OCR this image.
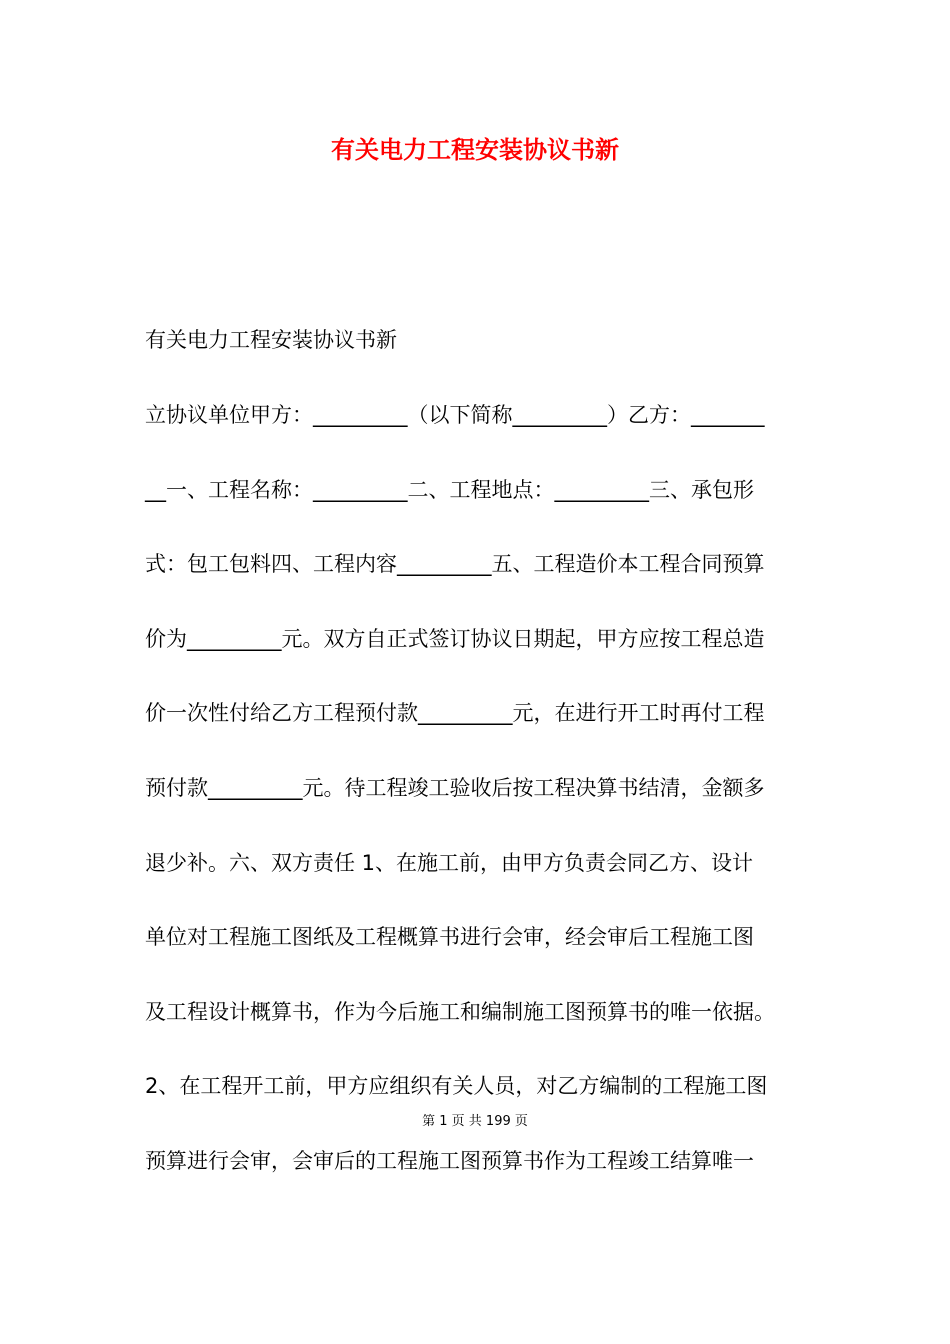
有关电力工程安装协议书新

有关电力工程安装协议书新

立协议单位甲方：_________（以下简称_________）乙方：_______
__一、工程名称：_________二、工程地点：_________三、承包形
式：包工包料四、工程内容_________五、工程造价本工程合同预算
价为_________元。双方自正式签订协议日期起，甲方应按工程总造
价一次性付给乙方工程预付款_________元，在进行开工时再付工程
预付款_________元。待工程竣工验收后按工程决算书结清，金额多
退少补。六、双方责任 1、在施工前，由甲方负责会同乙方、设计
单位对工程施工图纸及工程概算书进行会审，经会审后工程施工图
及工程设计概算书，作为今后施工和编制施工图预算书的唯一依据。
2、在工程开工前，甲方应组织有关人员，对乙方编制的工程施工图

第 1 页 共 199 页

预算进行会审，会审后的工程施工图预算书作为工程竣工结算唯一
